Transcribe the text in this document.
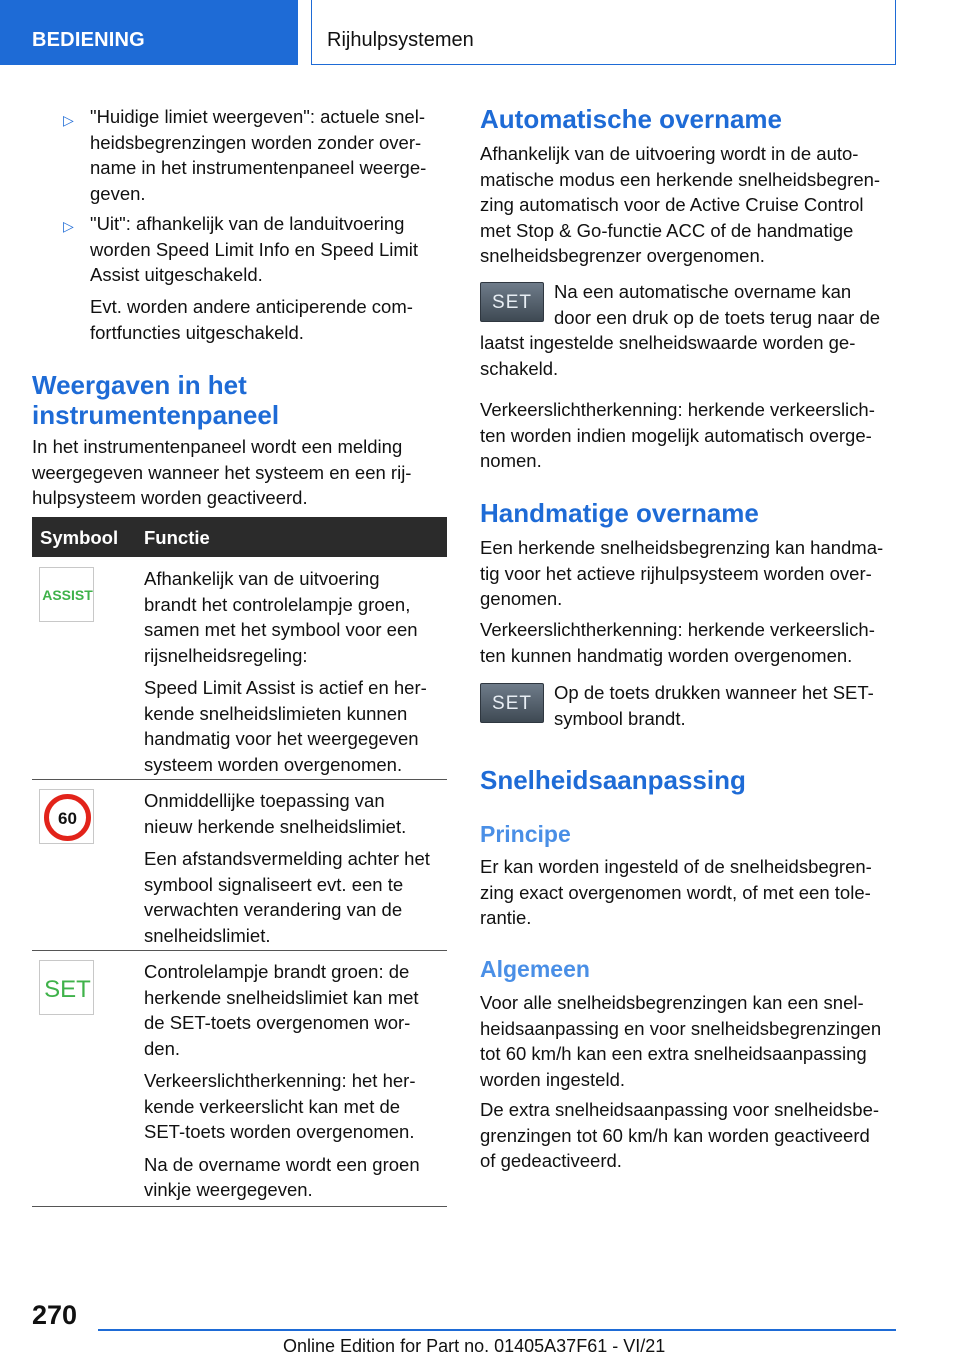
BEDIENING	Rijhulpsystemen
▷ "Huidige limiet weergeven": actuele snel-
heidsbegrenzingen worden zonder over-
name in het instrumentenpaneel weerge-
geven.
▷ "Uit": afhankelijk van de landuitvoering
worden Speed Limit Info en Speed Limit
Assist uitgeschakeld.
Evt. worden andere anticiperende com-
fortfuncties uitgeschakeld.
Weergaven in het
instrumentenpaneel
In het instrumentenpaneel wordt een melding
weergegeven wanneer het systeem en een rij-
hulpsysteem worden geactiveerd.
Symbool Functie
ASSIST
Afhankelijk van de uitvoering
brandt het controlelampje groen,
samen met het symbool voor een
rijsnelheidsregeling:
Speed Limit Assist is actief en her-
kende snelheidslimieten kunnen
handmatig voor het weergegeven
systeem worden overgenomen.
60
Onmiddellijke toepassing van
nieuw herkende snelheidslimiet.
Een afstandsvermelding achter het
symbool signaliseert evt. een te
verwachten verandering van de
snelheidslimiet.
SET
Controlelampje brandt groen: de
herkende snelheidslimiet kan met
de SET-toets overgenomen wor-
den.
Verkeerslichtherkenning: het her-
kende verkeerslicht kan met de
SET-toets worden overgenomen.
Na de overname wordt een groen
vinkje weergegeven.
Automatische overname
Afhankelijk van de uitvoering wordt in de auto-
matische modus een herkende snelheidsbegren-
zing automatisch voor de Active Cruise Control
met Stop & Go-functie ACC of de handmatige
snelheidsbegrenzer overgenomen.
SET
Na een automatische overname kan
door een druk op de toets terug naar de
laatst ingestelde snelheidswaarde worden ge-
schakeld.
Verkeerslichtherkenning: herkende verkeerslich-
ten worden indien mogelijk automatisch overge-
nomen.
Handmatige overname
Een herkende snelheidsbegrenzing kan handma-
tig voor het actieve rijhulpsysteem worden over-
genomen.
Verkeerslichtherkenning: herkende verkeerslich-
ten kunnen handmatig worden overgenomen.
SET
Op de toets drukken wanneer het SET-
symbool brandt.
Snelheidsaanpassing
Principe
Er kan worden ingesteld of de snelheidsbegren-
zing exact overgenomen wordt, of met een tole-
rantie.
Algemeen
Voor alle snelheidsbegrenzingen kan een snel-
heidsaanpassing en voor snelheidsbegrenzingen
tot 60 km/h kan een extra snelheidsaanpassing
worden ingesteld.
De extra snelheidsaanpassing voor snelheidsbe-
grenzingen tot 60 km/h kan worden geactiveerd
of gedeactiveerd.
270
Online Edition for Part no. 01405A37F61 - VI/21
